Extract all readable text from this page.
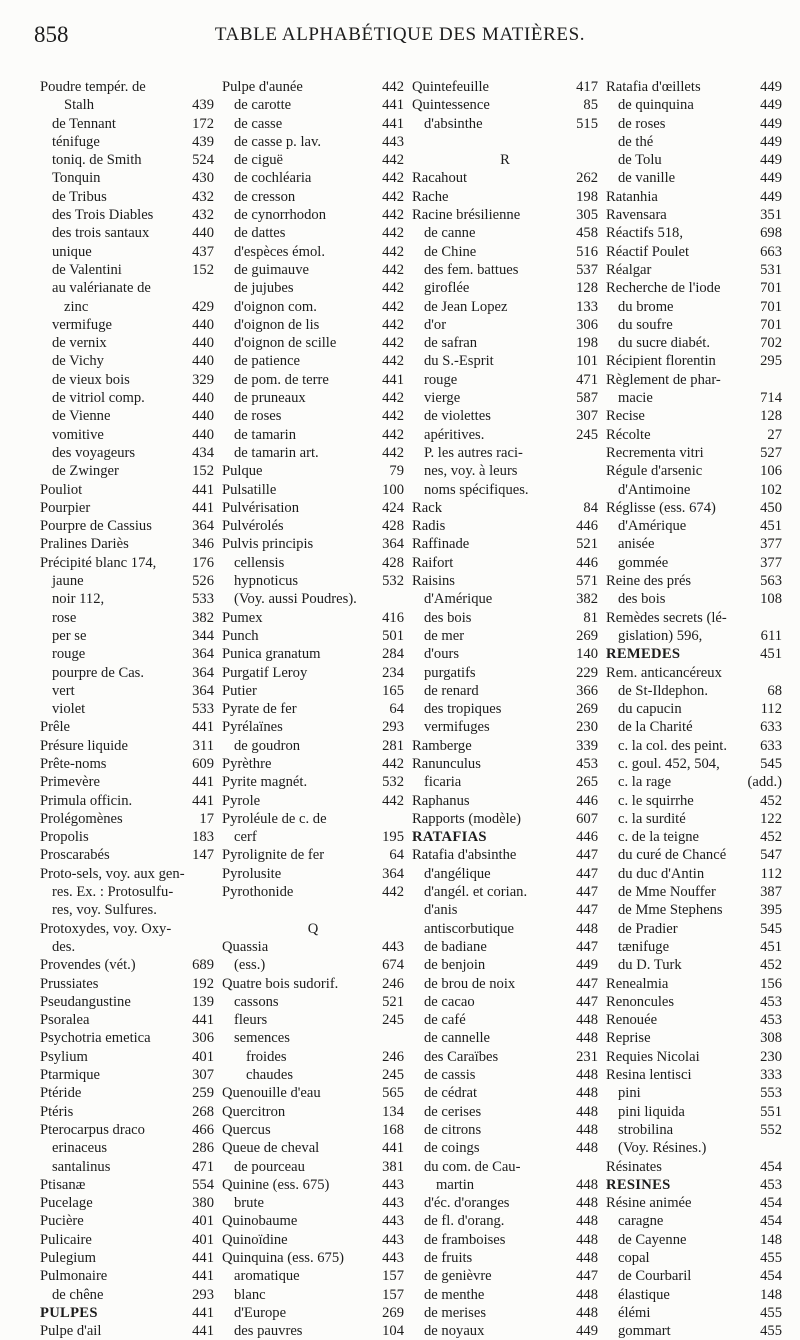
858	TABLE ALPHABÉTIQUE DES MATIÈRES.
Poudre tempér. de
Stalh	439
de Tennant	172
ténifuge	439
toniq. de Smith	524
Tonquin	430
de Tribus	432
des Trois Diables	432
des trois santaux	440
unique	437
de Valentini	152
au valérianate de
zinc	429
vermifuge	440
de vernix	440
de Vichy	440
de vieux bois	329
de vitriol comp.	440
de Vienne	440
vomitive	440
des voyageurs	434
de Zwinger	152
Pouliot	441
Pourpier	441
Pourpre de Cassius	364
Pralines Dariès	346
Précipité blanc 174, 176
jaune	526
noir 112,	533
rose	382
per se	344
rouge	364
pourpre de Cas.	364
vert	364
violet	533
Prêle	441
Présure liquide	311
Prête-noms	609
Primevère	441
Primula officin.	441
Prolégomènes	17
Propolis	183
Proscarabés	147
Proto-sels, voy. aux gen-
res. Ex. : Protosulfu-
res, voy. Sulfures.
Protoxydes, voy. Oxy-
des.
Provendes (vét.)	689
Prussiates	192
Pseudangustine	139
Psoralea	441
Psychotria emetica	306
Psylium	401
Ptarmique	307
Ptéride	259
Ptéris	268
Pterocarpus draco	466
erinaceus	286
santalinus	471
Ptisanæ	554
Pucelage	380
Pucière	401
Pulicaire	401
Pulegium	441
Pulmonaire	441
de chêne	293
PULPES	441
Pulpe d'ail	441
Pulpe d'aunée	442
de carotte	441
de casse	441
de casse p. lav.	443
de ciguë	442
de cochléaria	442
de cresson	442
de cynorrhodon	442
de dattes	442
d'espèces émol.	442
de guimauve	442
de jujubes	442
d'oignon com.	442
d'oignon de lis	442
d'oignon de scille	442
de patience	442
de pom. de terre	441
de pruneaux	442
de roses	442
de tamarin	442
de tamarin art.	442
Pulque	79
Pulsatille	100
Pulvérisation	424
Pulvérolés	428
Pulvis principis	364
cellensis	428
hypnoticus	532
(Voy. aussi Poudres).
Pumex	416
Punch	501
Punica granatum	284
Purgatif Leroy	234
Putier	165
Pyrate de fer	64
Pyrélaïnes	293
de goudron	281
Pyrèthre	442
Pyrite magnét.	532
Pyrole	442
Pyroléule de c. de
cerf	195
Pyrolignite de fer	64
Pyrolusite	364
Pyrothonide	442
Q
Quassia	443
(ess.)	674
Quatre bois sudorif.	246
cassons	521
fleurs	245
semences
froides	246
chaudes	245
Quenouille d'eau	565
Quercitron	134
Quercus	168
Queue de cheval	441
de pourceau	381
Quinine (ess. 675)	443
brute	443
Quinobaume	443
Quinoïdine	443
Quinquina (ess. 675)	443
aromatique	157
blanc	157
d'Europe	269
des pauvres	104
Quintefeuille	417
Quintessence	85
d'absinthe	515
R
Racahout	262
Rache	198
Racine brésilienne	305
de canne	458
de Chine	516
des fem. battues	537
giroflée	128
de Jean Lopez	133
d'or	306
de safran	198
du S.-Esprit	101
rouge	471
vierge	587
de violettes	307
apéritives.	245
P. les autres raci-
nes, voy. à leurs
noms spécifiques.
Rack	84
Radis	446
Raffinade	521
Raifort	446
Raisins	571
d'Amérique	382
des bois	81
de mer	269
d'ours	140
purgatifs	229
de renard	366
des tropiques	269
vermifuges	230
Ramberge	339
Ranunculus	453
ficaria	265
Raphanus	446
Rapports (modèle)	607
RATAFIAS	446
Ratafia d'absinthe	447
d'angélique	447
d'angél. et corian.	447
d'anis	447
antiscorbutique	448
de badiane	447
de benjoin	449
de brou de noix	447
de cacao	447
de café	448
de cannelle	448
des Caraïbes	231
de cassis	448
de cédrat	448
de cerises	448
de citrons	448
de coings	448
du com. de Cau-
martin	448
d'éc. d'oranges	448
de fl. d'orang.	448
de framboises	448
de fruits	448
de genièvre	447
de menthe	448
de merises	448
de noyaux	449
Ratafia d'œillets	449
de quinquina	449
de roses	449
de thé	449
de Tolu	449
de vanille	449
Ratanhia	449
Ravensara	351
Réactifs 518,	698
Réactif Poulet	663
Réalgar	531
Recherche de l'iode	701
du brome	701
du soufre	701
du sucre diabét.	702
Récipient florentin	295
Règlement de phar-
macie	714
Recise	128
Récolte	27
Recrementa vitri	527
Régule d'arsenic	106
d'Antimoine	102
Réglisse (ess. 674)	450
d'Amérique	451
anisée	377
gommée	377
Reine des prés	563
des bois	108
Remèdes secrets (lé-
gislation) 596,	611
REMEDES	451
Rem. anticancéreux
de St-Ildephon.	68
du capucin	112
de la Charité	633
c. la col. des peint. 633
c. goul. 452, 504,	545
c. la rage	(add.)
c. le squirrhe	452
c. la surdité	122
c. de la teigne	452
du curé de Chancé 547
du duc d'Antin	112
de Mme Nouffer	387
de Mme Stephens	395
de Pradier	545
tænifuge	451
du D. Turk	452
Renealmia	156
Renoncules	453
Renouée	453
Reprise	308
Requies Nicolai	230
Resina lentisci	333
pini	553
pini liquida	551
strobilina	552
(Voy. Résines.)
Résinates	454
RESINES	453
Résine animée	454
caragne	454
de Cayenne	148
copal	455
de Courbaril	454
élastique	148
élémi	455
gommart	455
